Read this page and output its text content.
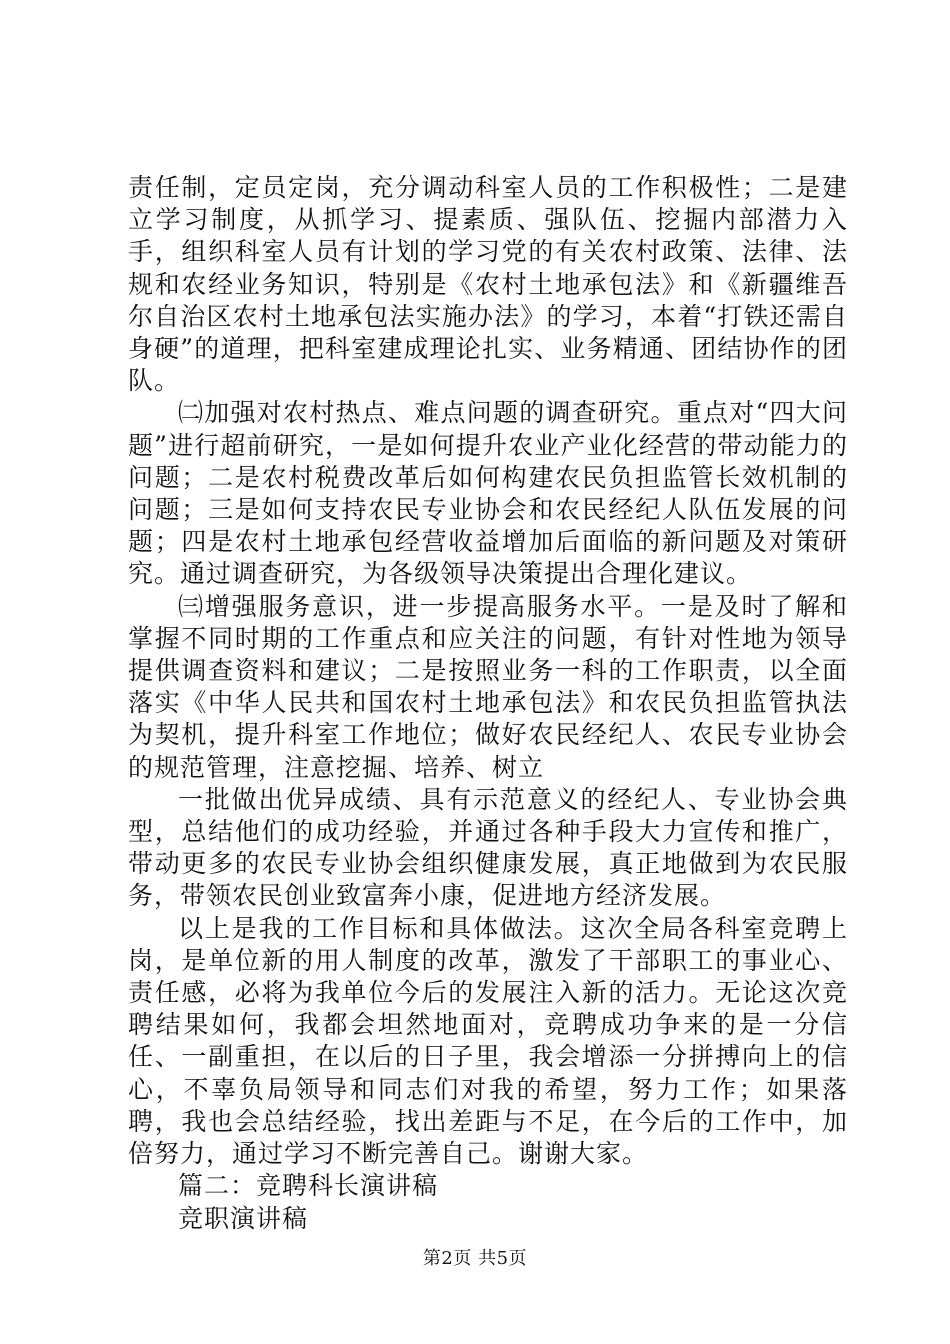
责任制，定员定岗，充分调动科室人员的工作积极性；二是建立学习制度，从抓学习、提素质、强队伍、挖掘内部潜力入手，组织科室人员有计划的学习党的有关农村政策、法律、法规和农经业务知识，特别是《农村土地承包法》和《新疆维吾尔自治区农村土地承包法实施办法》的学习，本着“打铁还需自身硬”的道理，把科室建成理论扎实、业务精通、团结协作的团队。

㈡加强对农村热点、难点问题的调查研究。重点对“四大问题”进行超前研究，一是如何提升农业产业化经营的带动能力的问题；二是农村税费改革后如何构建农民负担监管长效机制的问题；三是如何支持农民专业协会和农民经纪人队伍发展的问题；四是农村土地承包经营收益增加后面临的新问题及对策研究。通过调查研究，为各级领导决策提出合理化建议。

㈢增强服务意识，进一步提高服务水平。一是及时了解和掌握不同时期的工作重点和应关注的问题，有针对性地为领导提供调查资料和建议；二是按照业务一科的工作职责，以全面落实《中华人民共和国农村土地承包法》和农民负担监管执法为契机，提升科室工作地位；做好农民经纪人、农民专业协会的规范管理，注意挖掘、培养、树立

一批做出优异成绩、具有示范意义的经纪人、专业协会典型，总结他们的成功经验，并通过各种手段大力宣传和推广，带动更多的农民专业协会组织健康发展，真正地做到为农民服务，带领农民创业致富奔小康，促进地方经济发展。

以上是我的工作目标和具体做法。这次全局各科室竞聘上岗，是单位新的用人制度的改革，激发了干部职工的事业心、责任感，必将为我单位今后的发展注入新的活力。无论这次竞聘结果如何，我都会坦然地面对，竞聘成功争来的是一分信任、一副重担，在以后的日子里，我会增添一分拼搏向上的信心，不辜负局领导和同志们对我的希望，努力工作；如果落聘，我也会总结经验，找出差距与不足，在今后的工作中，加倍努力，通过学习不断完善自己。谢谢大家。

篇二：竞聘科长演讲稿

竞职演讲稿

第2页 共5页
